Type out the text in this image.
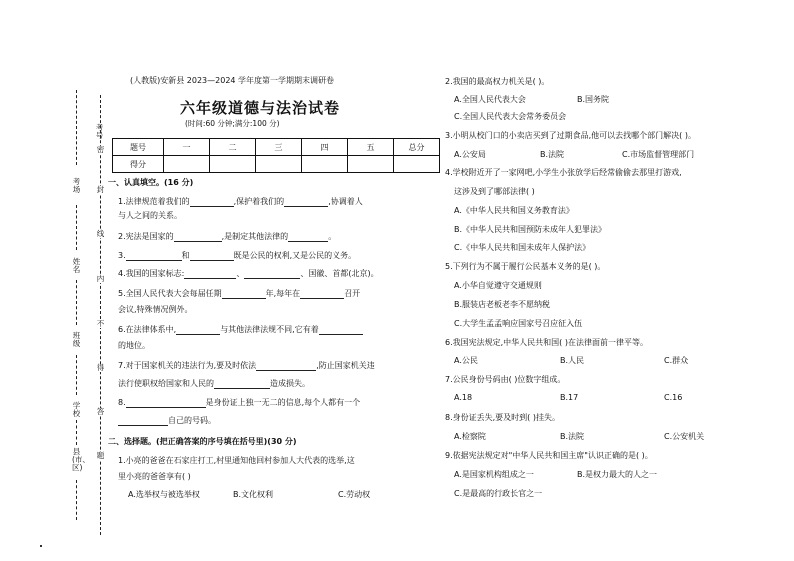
考号
考场
姓名
班级
学校
县(市、区)
密
封
线
内
不
得
答
题
(人教版)安新县 2023—2024 学年度第一学期期末调研卷
六年级道德与法治试卷
(时间:60 分钟;满分:100 分)
题号	一	二	三	四	五	总分
得分						
一、认真填空。(16 分)
1.法律规范着我们的	,保护着我们的	,协调着人
与人之间的关系。
2.宪法是国家的	,是制定其他法律的	。
3.	和	既是公民的权利,又是公民的义务。
4.我国的国家标志:	、	、国徽、首都(北京)。
5.全国人民代表大会每届任期	年,每年在	召开
会议,特殊情况例外。
6.在法律体系中,	与其他法律法规不同,它有着
的地位。
7.对于国家机关的违法行为,要及时依法	,防止国家机关违
法行使职权给国家和人民的	造成损失。
8.	是身份证上独一无二的信息,每个人都有一个
自己的号码。
二、选择题。(把正确答案的序号填在括号里)(30 分)
1.小亮的爸爸在石家庄打工,村里通知他回村参加人大代表的选举,这
里小亮的爸爸享有( )
A.选举权与被选举权	B.文化权利	C.劳动权
2.我国的最高权力机关是( )。
A.全国人民代表大会	B.国务院
C.全国人民代表大会常务委员会
3.小明从校门口的小卖店买到了过期食品,他可以去找哪个部门解决( )。
A.公安局	B.法院	C.市场监督管理部门
4.学校附近开了一家网吧,小学生小张放学后经常偷偷去那里打游戏,
这涉及到了哪部法律( )
A.《中华人民共和国义务教育法》
B.《中华人民共和国预防未成年人犯罪法》
C.《中华人民共和国未成年人保护法》
5.下列行为不属于履行公民基本义务的是( )。
A.小华自觉遵守交通规则
B.服装店老板老李不愿纳税
C.大学生孟孟响应国家号召应征入伍
6.我国宪法规定,中华人民共和国( )在法律面前一律平等。
A.公民	B.人民	C.群众
7.公民身份号码由( )位数字组成。
A.18	B.17	C.16
8.身份证丢失,要及时到( )挂失。
A.检察院	B.法院	C.公安机关
9.依据宪法规定对"中华人民共和国主席"认识正确的是( )。
A.是国家机构组成之一	B.是权力最大的人之一
C.是最高的行政长官之一
